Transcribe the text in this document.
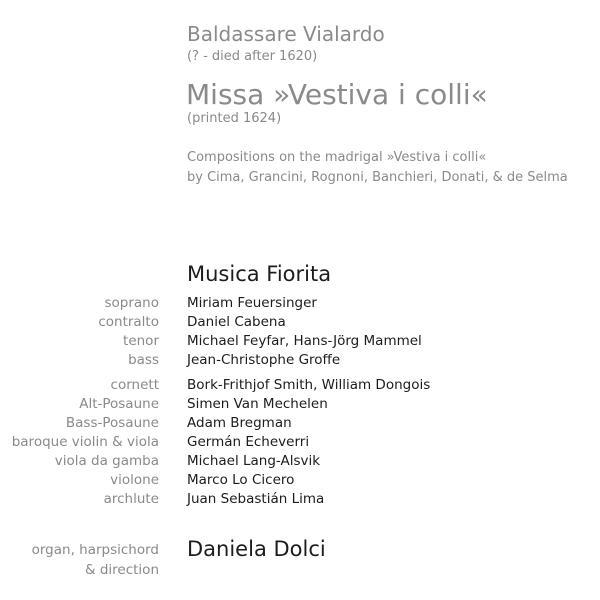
Baldassare Vialardo
(? - died after 1620)
Missa »Vestiva i colli«
(printed 1624)
Compositions on the madrigal »Vestiva i colli«
by Cima, Grancini, Rognoni, Banchieri, Donati, & de Selma
Musica Fiorita
soprano Miriam Feuersinger
contralto Daniel Cabena
tenor Michael Feyfar, Hans-Jörg Mammel
bass Jean-Christophe Groffe
cornett Bork-Frithjof Smith, William Dongois
Alt-Posaune Simen Van Mechelen
Bass-Posaune Adam Bregman
baroque violin & viola Germán Echeverri
viola da gamba Michael Lang-Alsvik
violone Marco Lo Cicero
archlute Juan Sebastián Lima
organ, harpsichord
& direction
Daniela Dolci
